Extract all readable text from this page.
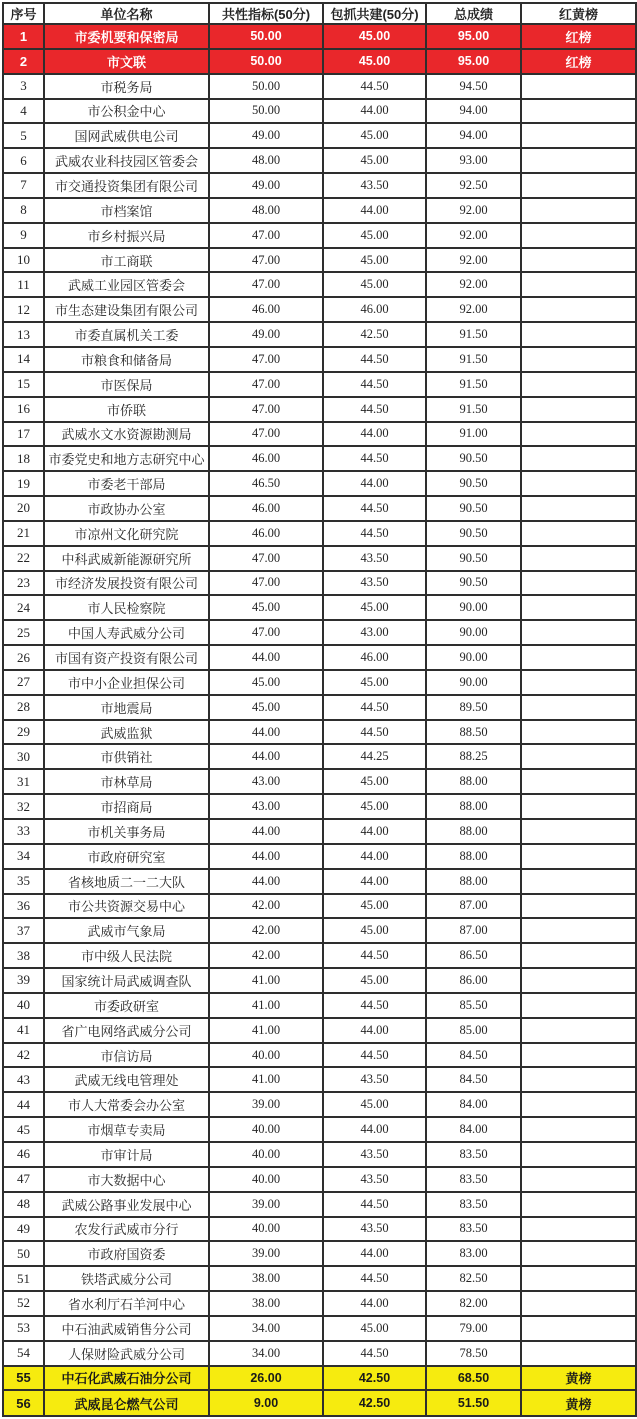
序号	单位名称	共性指标(50分)	包抓共建(50分)	总成绩	红黄榜
1	市委机要和保密局	50.00	45.00	95.00	红榜
2	市文联	50.00	45.00	95.00	红榜
3	市税务局	50.00	44.50	94.50	
4	市公积金中心	50.00	44.00	94.00	
5	国网武威供电公司	49.00	45.00	94.00	
6	武威农业科技园区管委会	48.00	45.00	93.00	
7	市交通投资集团有限公司	49.00	43.50	92.50	
8	市档案馆	48.00	44.00	92.00	
9	市乡村振兴局	47.00	45.00	92.00	
10	市工商联	47.00	45.00	92.00	
11	武威工业园区管委会	47.00	45.00	92.00	
12	市生态建设集团有限公司	46.00	46.00	92.00	
13	市委直属机关工委	49.00	42.50	91.50	
14	市粮食和储备局	47.00	44.50	91.50	
15	市医保局	47.00	44.50	91.50	
16	市侨联	47.00	44.50	91.50	
17	武威水文水资源勘测局	47.00	44.00	91.00	
18	市委党史和地方志研究中心	46.00	44.50	90.50	
19	市委老干部局	46.50	44.00	90.50	
20	市政协办公室	46.00	44.50	90.50	
21	市凉州文化研究院	46.00	44.50	90.50	
22	中科武威新能源研究所	47.00	43.50	90.50	
23	市经济发展投资有限公司	47.00	43.50	90.50	
24	市人民检察院	45.00	45.00	90.00	
25	中国人寿武威分公司	47.00	43.00	90.00	
26	市国有资产投资有限公司	44.00	46.00	90.00	
27	市中小企业担保公司	45.00	45.00	90.00	
28	市地震局	45.00	44.50	89.50	
29	武威监狱	44.00	44.50	88.50	
30	市供销社	44.00	44.25	88.25	
31	市林草局	43.00	45.00	88.00	
32	市招商局	43.00	45.00	88.00	
33	市机关事务局	44.00	44.00	88.00	
34	市政府研究室	44.00	44.00	88.00	
35	省核地质二一二大队	44.00	44.00	88.00	
36	市公共资源交易中心	42.00	45.00	87.00	
37	武威市气象局	42.00	45.00	87.00	
38	市中级人民法院	42.00	44.50	86.50	
39	国家统计局武威调查队	41.00	45.00	86.00	
40	市委政研室	41.00	44.50	85.50	
41	省广电网络武威分公司	41.00	44.00	85.00	
42	市信访局	40.00	44.50	84.50	
43	武威无线电管理处	41.00	43.50	84.50	
44	市人大常委会办公室	39.00	45.00	84.00	
45	市烟草专卖局	40.00	44.00	84.00	
46	市审计局	40.00	43.50	83.50	
47	市大数据中心	40.00	43.50	83.50	
48	武威公路事业发展中心	39.00	44.50	83.50	
49	农发行武威市分行	40.00	43.50	83.50	
50	市政府国资委	39.00	44.00	83.00	
51	铁塔武威分公司	38.00	44.50	82.50	
52	省水利厅石羊河中心	38.00	44.00	82.00	
53	中石油武威销售分公司	34.00	45.00	79.00	
54	人保财险武威分公司	34.00	44.50	78.50	
55	中石化武威石油分公司	26.00	42.50	68.50	黄榜
56	武威昆仑燃气公司	9.00	42.50	51.50	黄榜
